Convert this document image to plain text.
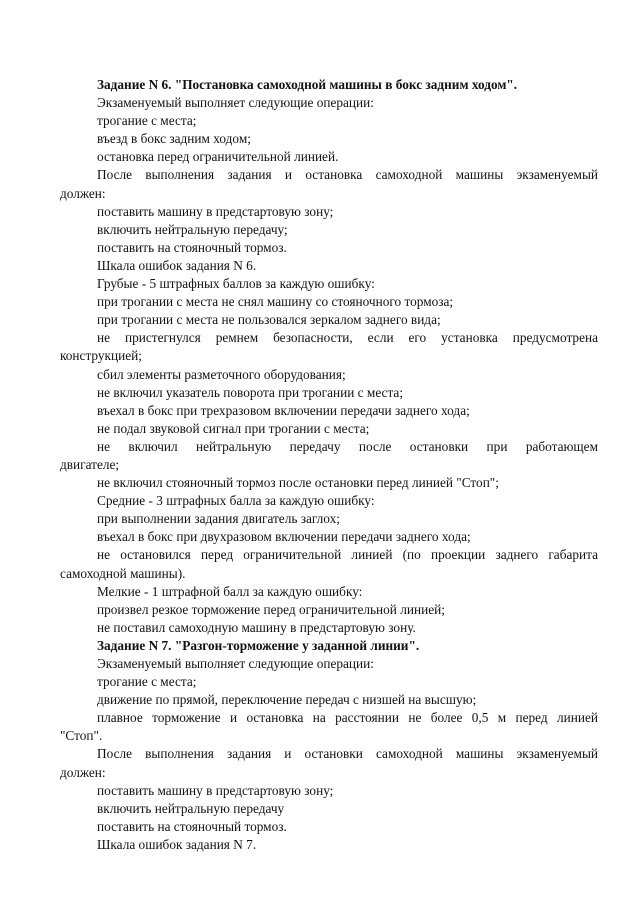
Задание N 6. "Постановка самоходной машины в бокс задним ходом".
Экзаменуемый выполняет следующие операции:
трогание с места;
въезд в бокс задним ходом;
остановка перед ограничительной линией.
После выполнения задания и остановка самоходной машины экзаменуемый
должен:
поставить машину в предстартовую зону;
включить нейтральную передачу;
поставить на стояночный тормоз.
Шкала ошибок задания N 6.
Грубые - 5 штрафных баллов за каждую ошибку:
при трогании с места не снял машину со стояночного тормоза;
при трогании с места не пользовался зеркалом заднего вида;
не пристегнулся ремнем безопасности, если его установка предусмотрена
конструкцией;
сбил элементы разметочного оборудования;
не включил указатель поворота при трогании с места;
въехал в бокс при трехразовом включении передачи заднего хода;
не подал звуковой сигнал при трогании с места;
не включил нейтральную передачу после остановки при работающем
двигателе;
не включил стояночный тормоз после остановки перед линией "Стоп";
Средние - 3 штрафных балла за каждую ошибку:
при выполнении задания двигатель заглох;
въехал в бокс при двухразовом включении передачи заднего хода;
не остановился перед ограничительной линией (по проекции заднего габарита
самоходной машины).
Мелкие - 1 штрафной балл за каждую ошибку:
произвел резкое торможение перед ограничительной линией;
не поставил самоходную машину в предстартовую зону.
Задание N 7. "Разгон-торможение у заданной линии".
Экзаменуемый выполняет следующие операции:
трогание с места;
движение по прямой, переключение передач с низшей на высшую;
плавное торможение и остановка на расстоянии не более 0,5 м перед линией
"Стоп".
После выполнения задания и остановки самоходной машины экзаменуемый
должен:
поставить машину в предстартовую зону;
включить нейтральную передачу
поставить на стояночный тормоз.
Шкала ошибок задания N 7.
